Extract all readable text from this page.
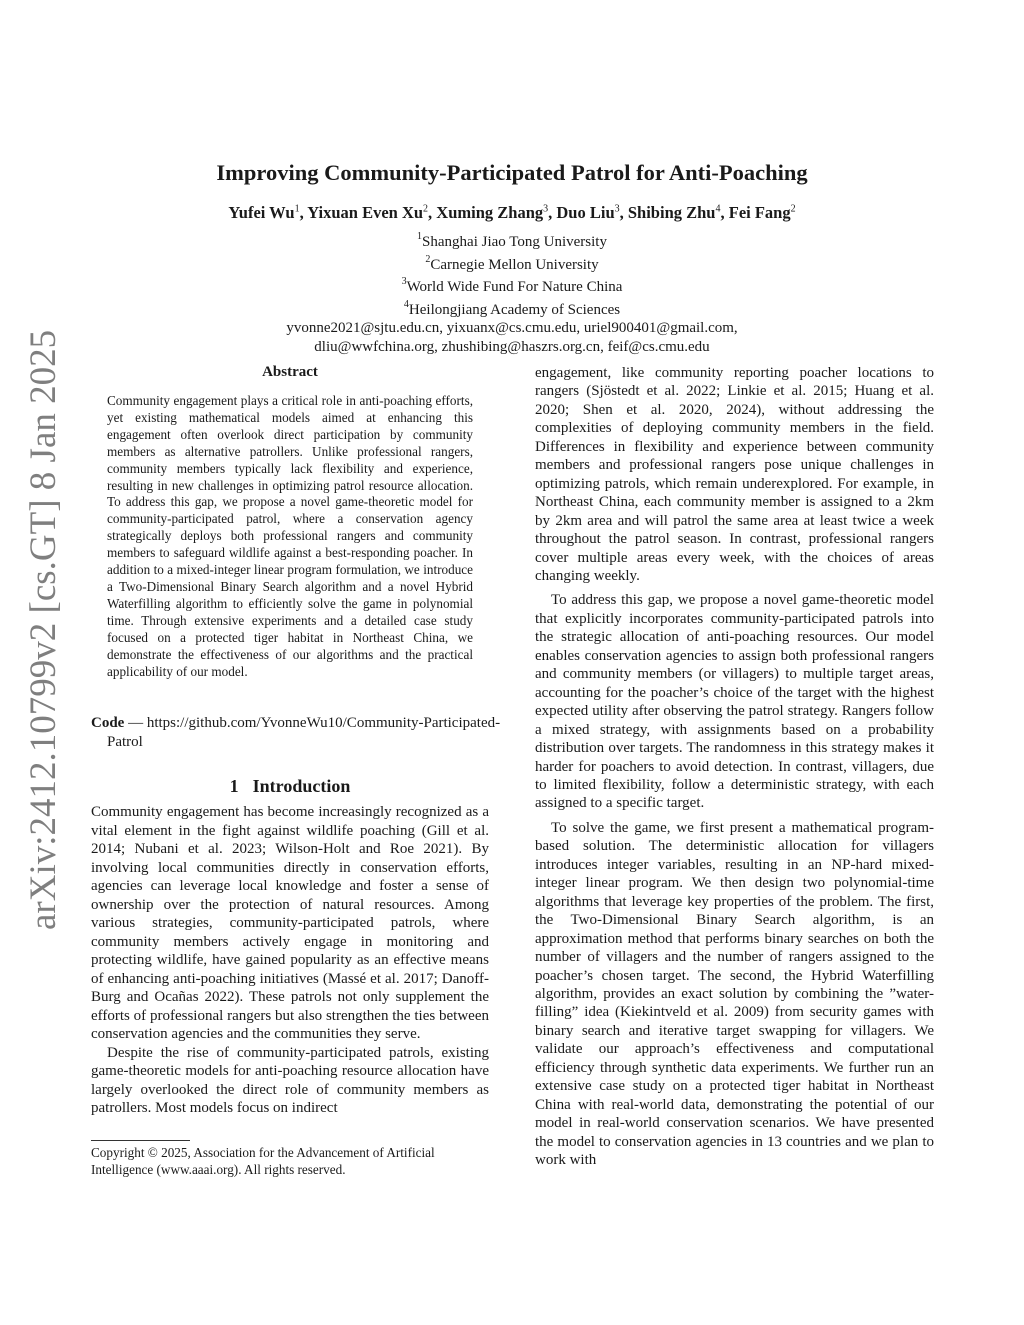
arXiv:2412.10799v2 [cs.GT] 8 Jan 2025
Improving Community-Participated Patrol for Anti-Poaching
Yufei Wu$^1$, Yixuan Even Xu$^2$, Xuming Zhang$^3$, Duo Liu$^3$, Shibing Zhu$^4$, Fei Fang$^2$
$^1$Shanghai Jiao Tong University
$^2$Carnegie Mellon University
$^3$World Wide Fund For Nature China
$^4$Heilongjiang Academy of Sciences
yvonne2021@sjtu.edu.cn, yixuanx@cs.cmu.edu, uriel900401@gmail.com,
dliu@wwfchina.org, zhushibing@haszrs.org.cn, feif@cs.cmu.edu
Abstract
Community engagement plays a critical role in anti-poaching efforts, yet existing mathematical models aimed at enhancing this engagement often overlook direct participation by community members as alternative patrollers. Unlike professional rangers, community members typically lack flexibility and experience, resulting in new challenges in optimizing patrol resource allocation. To address this gap, we propose a novel game-theoretic model for community-participated patrol, where a conservation agency strategically deploys both professional rangers and community members to safeguard wildlife against a best-responding poacher. In addition to a mixed-integer linear program formulation, we introduce a Two-Dimensional Binary Search algorithm and a novel Hybrid Waterfilling algorithm to efficiently solve the game in polynomial time. Through extensive experiments and a detailed case study focused on a protected tiger habitat in Northeast China, we demonstrate the effectiveness of our algorithms and the practical applicability of our model.
Code — https://github.com/YvonneWu10/Community-Participated-Patrol
1 Introduction

Community engagement has become increasingly recognized as a vital element in the fight against wildlife poaching (Gill et al. 2014; Nubani et al. 2023; Wilson-Holt and Roe 2021). By involving local communities directly in conservation efforts, agencies can leverage local knowledge and foster a sense of ownership over the protection of natural resources. Among various strategies, community-participated patrols, where community members actively engage in monitoring and protecting wildlife, have gained popularity as an effective means of enhancing anti-poaching initiatives (Massé et al. 2017; Danoff-Burg and Ocañas 2022). These patrols not only supplement the efforts of professional rangers but also strengthen the ties between conservation agencies and the communities they serve.

Despite the rise of community-participated patrols, existing game-theoretic models for anti-poaching resource allocation have largely overlooked the direct role of community members as patrollers. Most models focus on indirect

Copyright © 2025, Association for the Advancement of Artificial Intelligence (www.aaai.org). All rights reserved.

engagement, like community reporting poacher locations to rangers (Sjöstedt et al. 2022; Linkie et al. 2015; Huang et al. 2020; Shen et al. 2020, 2024), without addressing the complexities of deploying community members in the field. Differences in flexibility and experience between community members and professional rangers pose unique challenges in optimizing patrols, which remain underexplored. For example, in Northeast China, each community member is assigned to a 2km by 2km area and will patrol the same area at least twice a week throughout the patrol season. In contrast, professional rangers cover multiple areas every week, with the choices of areas changing weekly.

To address this gap, we propose a novel game-theoretic model that explicitly incorporates community-participated patrols into the strategic allocation of anti-poaching resources. Our model enables conservation agencies to assign both professional rangers and community members (or villagers) to multiple target areas, accounting for the poacher’s choice of the target with the highest expected utility after observing the patrol strategy. Rangers follow a mixed strategy, with assignments based on a probability distribution over targets. The randomness in this strategy makes it harder for poachers to avoid detection. In contrast, villagers, due to limited flexibility, follow a deterministic strategy, with each assigned to a specific target.

To solve the game, we first present a mathematical program-based solution. The deterministic allocation for villagers introduces integer variables, resulting in an NP-hard mixed-integer linear program. We then design two polynomial-time algorithms that leverage key properties of the problem. The first, the Two-Dimensional Binary Search algorithm, is an approximation method that performs binary searches on both the number of villagers and the number of rangers assigned to the poacher’s chosen target. The second, the Hybrid Waterfilling algorithm, provides an exact solution by combining the ”water-filling” idea (Kiekintveld et al. 2009) from security games with binary search and iterative target swapping for villagers. We validate our approach’s effectiveness and computational efficiency through synthetic data experiments. We further run an extensive case study on a protected tiger habitat in Northeast China with real-world data, demonstrating the potential of our model in real-world conservation scenarios. We have presented the model to conservation agencies in 13 countries and we plan to work with
